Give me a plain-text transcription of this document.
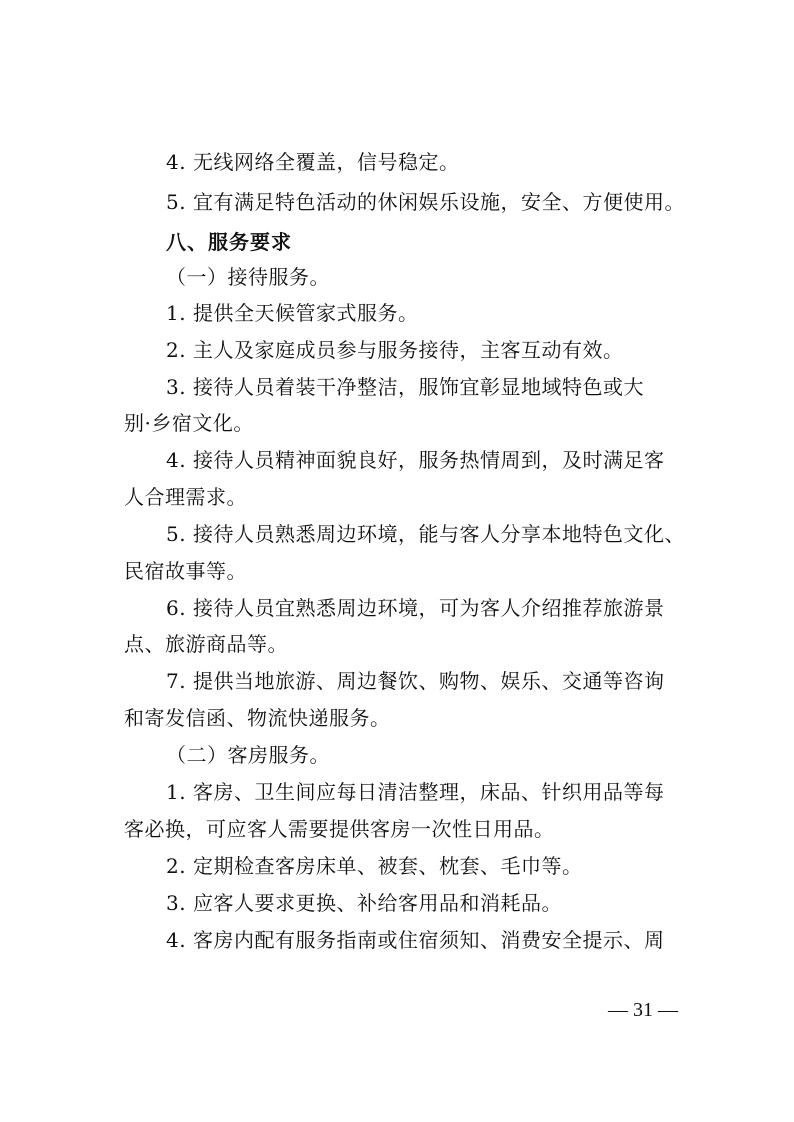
4. 无线网络全覆盖，信号稳定。
5. 宜有满足特色活动的休闲娱乐设施，安全、方便使用。
八、服务要求
（一）接待服务。
1. 提供全天候管家式服务。
2. 主人及家庭成员参与服务接待，主客互动有效。
3. 接待人员着装干净整洁，服饰宜彰显地域特色或大
别·乡宿文化。
4. 接待人员精神面貌良好，服务热情周到，及时满足客
人合理需求。
5. 接待人员熟悉周边环境，能与客人分享本地特色文化、
民宿故事等。
6. 接待人员宜熟悉周边环境，可为客人介绍推荐旅游景
点、旅游商品等。
7. 提供当地旅游、周边餐饮、购物、娱乐、交通等咨询
和寄发信函、物流快递服务。
（二）客房服务。
1. 客房、卫生间应每日清洁整理，床品、针织用品等每
客必换，可应客人需要提供客房一次性日用品。
2. 定期检查客房床单、被套、枕套、毛巾等。
3. 应客人要求更换、补给客用品和消耗品。
4. 客房内配有服务指南或住宿须知、消费安全提示、周
— 31 —
